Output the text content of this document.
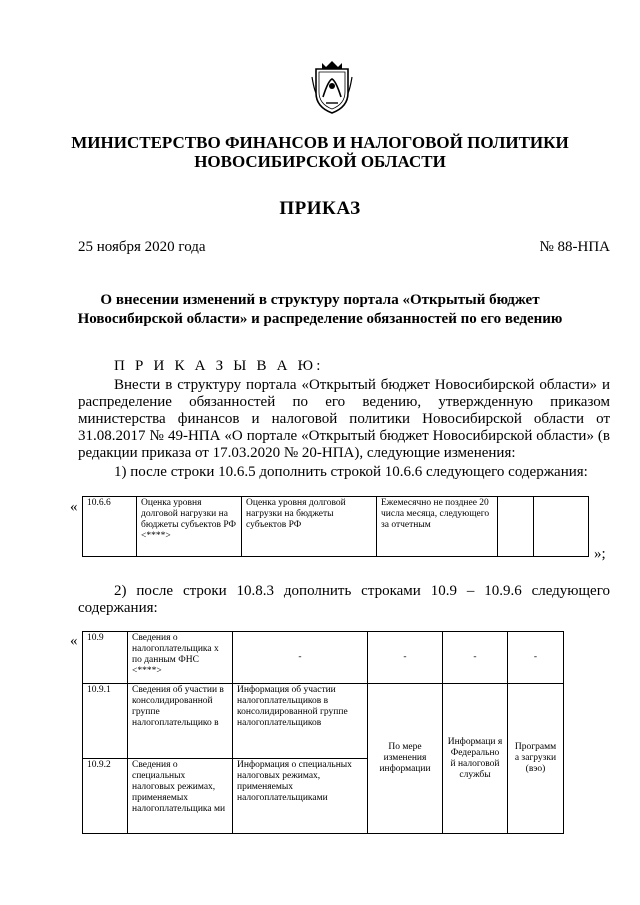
МИНИСТЕРСТВО ФИНАНСОВ И НАЛОГОВОЙ ПОЛИТИКИ
НОВОСИБИРСКОЙ ОБЛАСТИ
ПРИКАЗ
25 ноября 2020 года	№ 88-НПА
О внесении изменений в структуру портала «Открытый бюджет
Новосибирской области» и распределение обязанностей по его ведению
П Р И К А З Ы В А Ю:
Внести в структуру портала «Открытый бюджет Новосибирской области» и распределение обязанностей по его ведению, утвержденную приказом министерства финансов и налоговой политики Новосибирской области от 31.08.2017 № 49-НПА «О портале «Открытый бюджет Новосибирской области» (в редакции приказа от 17.03.2020 № 20-НПА), следующие изменения:
1) после строки 10.6.5 дополнить строкой 10.6.6 следующего содержания:
« 10.6.6	Оценка уровня долговой нагрузки на бюджеты субъектов РФ <****>	Оценка уровня долговой нагрузки на бюджеты субъектов РФ	Ежемесячно не позднее 20 числа месяца, следующего за отчетным		
»;
2) после строки 10.8.3 дополнить строками 10.9 – 10.9.6 следующего содержания:
« 10.9	Сведения о налогоплательщика х по данным ФНС <****>	-	-	-	-
10.9.1	Сведения об участии в консолидированной группе налогоплательщико в	Информация об участии налогоплательщиков в консолидированной группе налогоплательщиков	По мере изменения информации	Информаци я Федерально й налоговой службы	Программ а загрузки (вэо)
10.9.2	Сведения о специальных налоговых режимах, применяемых налогоплательщика ми	Информация о специальных налоговых режимах, применяемых налогоплательщиками			
